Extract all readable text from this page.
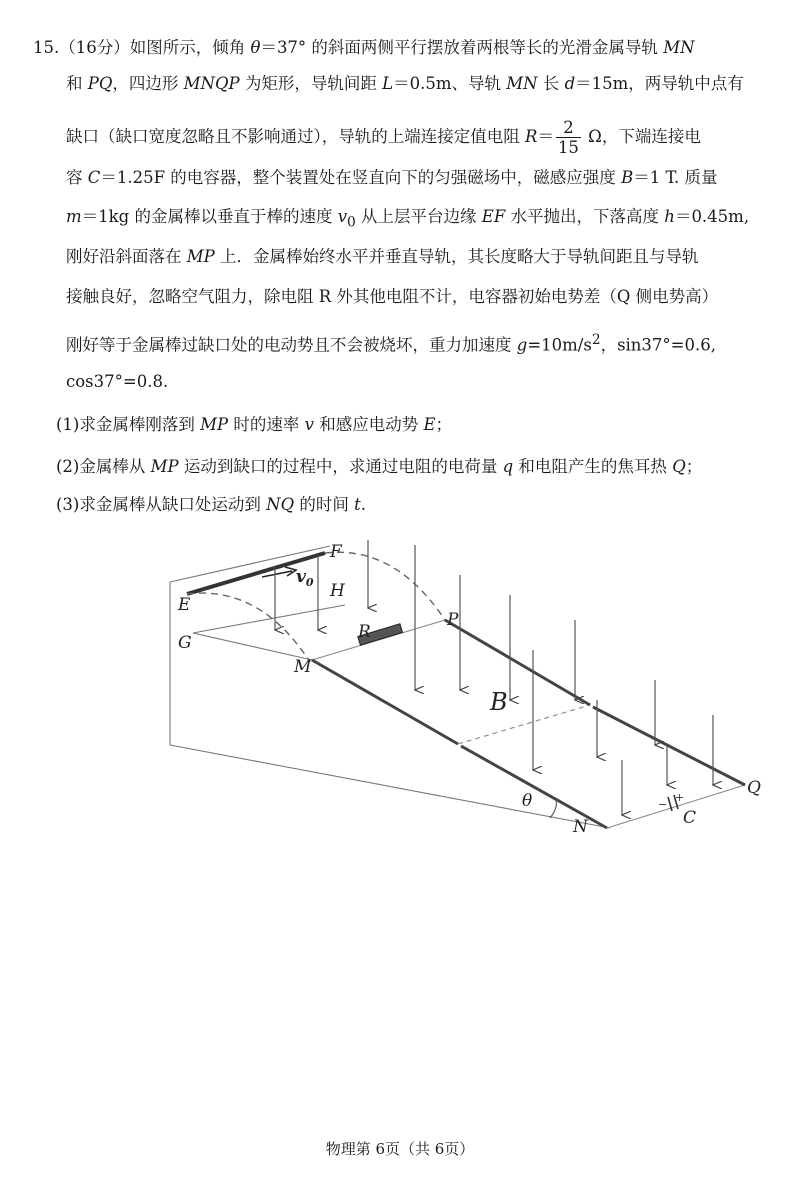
15.（16分）如图所示，倾角 θ＝37° 的斜面两侧平行摆放着两根等长的光滑金属导轨 MN
和 PQ，四边形 MNQP 为矩形，导轨间距 L＝0.5m、导轨 MN 长 d＝15m，两导轨中点有
缺口（缺口宽度忽略且不影响通过），导轨的上端连接定值电阻 $R= \frac{2}{15}$ Ω，下端连接电
容 C＝1.25F 的电容器，整个装置处在竖直向下的匀强磁场中，磁感应强度 B＝1 T. 质量
m＝1kg 的金属棒以垂直于棒的速度 $v_0$ 从上层平台边缘 EF 水平抛出，下落高度 h＝0.45m,
刚好沿斜面落在 MP 上．金属棒始终水平并垂直导轨，其长度略大于导轨间距且与导轨
接触良好，忽略空气阻力，除电阻 R 外其他电阻不计，电容器初始电势差（Q 侧电势高）
刚好等于金属棒过缺口处的电动势且不会被烧坏，重力加速度 $g=10m/s^2$，sin37°=0.6,
cos37°=0.8.
(1)求金属棒刚落到 MP 时的速率 v 和感应电动势 E；
(2)金属棒从 MP 运动到缺口的过程中，求通过电阻的电荷量 q 和电阻产生的焦耳热 Q；
(3)求金属棒从缺口处运动到 NQ 的时间 t.
F
E
H
G
M
P
R
B
θ
N	C
Q
$v_0$
+
−
物理第 6页（共 6页）
